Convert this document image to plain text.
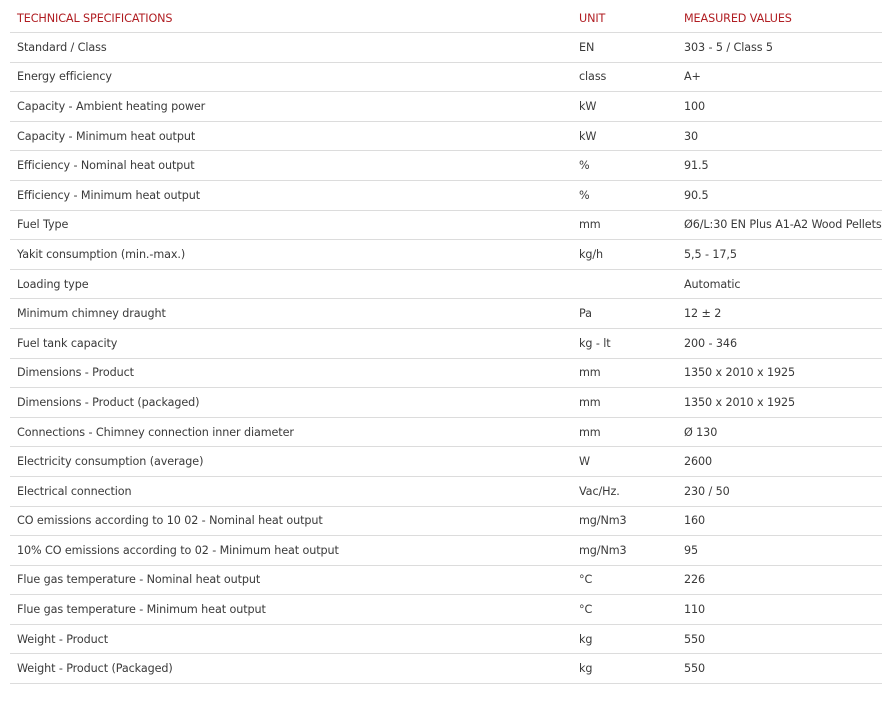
TECHNICAL SPECIFICATIONS	UNIT	MEASURED VALUES
Standard / Class	EN	303 - 5 / Class 5
Energy efficiency	class	A+
Capacity - Ambient heating power	kW	100
Capacity - Minimum heat output	kW	30
Efficiency - Nominal heat output	%	91.5
Efficiency - Minimum heat output	%	90.5
Fuel Type	mm	Ø6/L:30 EN Plus A1-A2 Wood Pellets
Yakit consumption (min.-max.)	kg/h	5,5 - 17,5
Loading type		Automatic
Minimum chimney draught	Pa	12 ± 2
Fuel tank capacity	kg - lt	200 - 346
Dimensions - Product	mm	1350 x 2010 x 1925
Dimensions - Product (packaged)	mm	1350 x 2010 x 1925
Connections - Chimney connection inner diameter	mm	Ø 130
Electricity consumption (average)	W	2600
Electrical connection	Vac/Hz.	230 / 50
CO emissions according to 10 02 - Nominal heat output	mg/Nm3	160
10% CO emissions according to 02 - Minimum heat output	mg/Nm3	95
Flue gas temperature - Nominal heat output	°C	226
Flue gas temperature - Minimum heat output	°C	110
Weight - Product	kg	550
Weight - Product (Packaged)	kg	550
